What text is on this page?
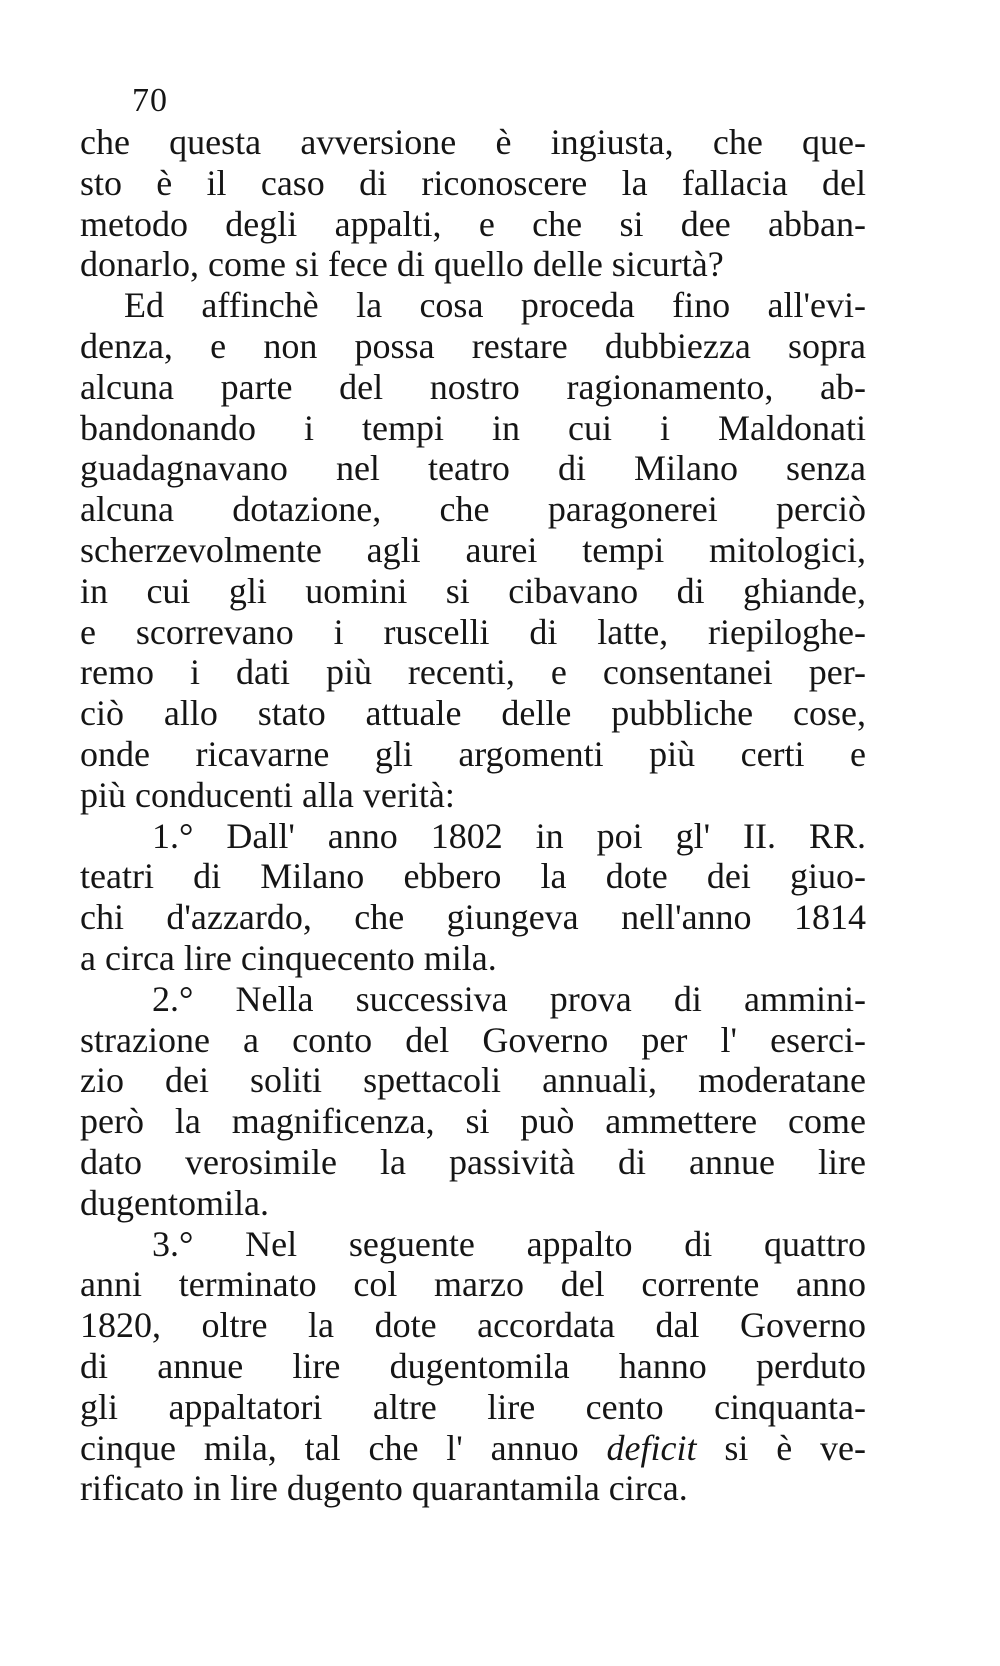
70
che questa avversione è ingiusta, che que-
sto è il caso di riconoscere la fallacia del
metodo degli appalti, e che si dee abban-
donarlo, come si fece di quello delle sicurtà?
Ed affinchè la cosa proceda fino all'evi-
denza, e non possa restare dubbiezza sopra
alcuna parte del nostro ragionamento, ab-
bandonando i tempi in cui i Maldonati
guadagnavano nel teatro di Milano senza
alcuna dotazione, che paragonerei perciò
scherzevolmente agli aurei tempi mitologici,
in cui gli uomini si cibavano di ghiande,
e scorrevano i ruscelli di latte, riepiloghe-
remo i dati più recenti, e consentanei per-
ciò allo stato attuale delle pubbliche cose,
onde ricavarne gli argomenti più certi e
più conducenti alla verità:
1.° Dall' anno 1802 in poi gl' II. RR.
teatri di Milano ebbero la dote dei giuo-
chi d'azzardo, che giungeva nell'anno 1814
a circa lire cinquecento mila.
2.° Nella successiva prova di ammini-
strazione a conto del Governo per l' eserci-
zio dei soliti spettacoli annuali, moderatane
però la magnificenza, si può ammettere come
dato verosimile la passività di annue lire
dugentomila.
3.° Nel seguente appalto di quattro
anni terminato col marzo del corrente anno
1820, oltre la dote accordata dal Governo
di annue lire dugentomila hanno perduto
gli appaltatori altre lire cento cinquanta-
cinque mila, tal che l' annuo deficit si è ve-
rificato in lire dugento quarantamila circa.
